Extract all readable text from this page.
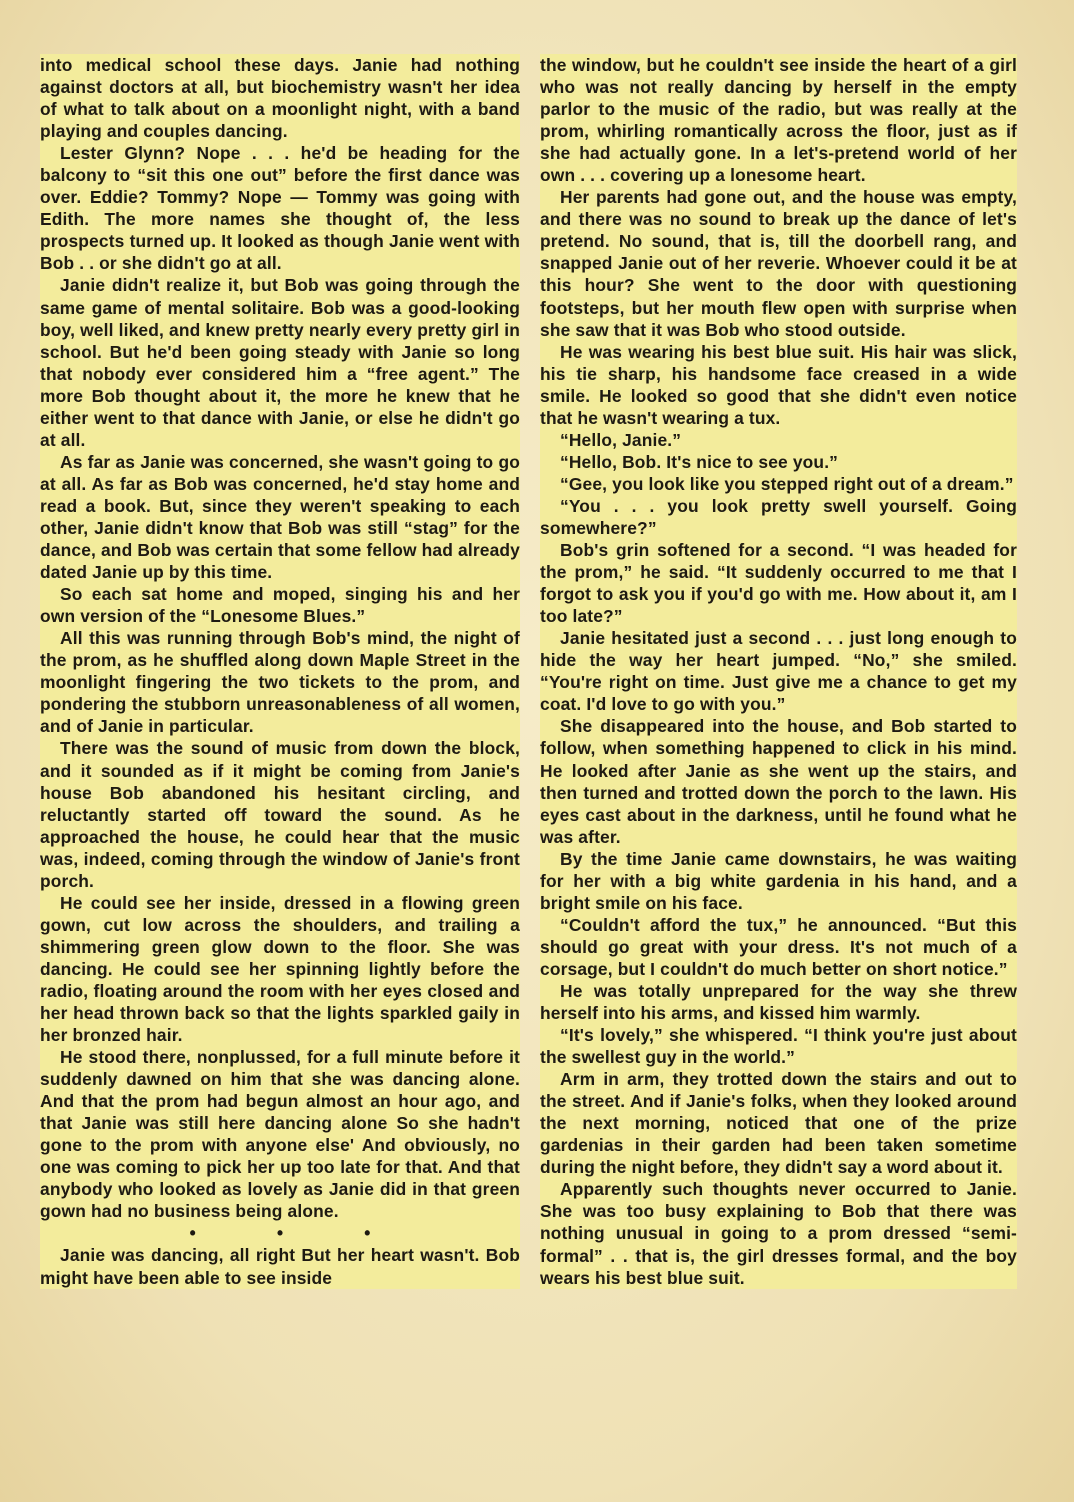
into medical school these days. Janie had nothing against doctors at all, but biochemistry wasn't her idea of what to talk about on a moonlight night, with a band playing and couples dancing.

Lester Glynn? Nope . . . he'd be heading for the balcony to “sit this one out” before the first dance was over. Eddie? Tommy? Nope — Tommy was going with Edith. The more names she thought of, the less prospects turned up. It looked as though Janie went with Bob . . or she didn't go at all.

Janie didn't realize it, but Bob was going through the same game of mental solitaire. Bob was a good-looking boy, well liked, and knew pretty nearly every pretty girl in school. But he'd been going steady with Janie so long that nobody ever considered him a “free agent.” The more Bob thought about it, the more he knew that he either went to that dance with Janie, or else he didn't go at all.

As far as Janie was concerned, she wasn't going to go at all. As far as Bob was concerned, he'd stay home and read a book. But, since they weren't speaking to each other, Janie didn't know that Bob was still “stag” for the dance, and Bob was certain that some fellow had already dated Janie up by this time.

So each sat home and moped, singing his and her own version of the “Lonesome Blues.”

All this was running through Bob's mind, the night of the prom, as he shuffled along down Maple Street in the moonlight fingering the two tickets to the prom, and pondering the stubborn unreasonableness of all women, and of Janie in particular.

There was the sound of music from down the block, and it sounded as if it might be coming from Janie's house Bob abandoned his hesitant circling, and reluctantly started off toward the sound. As he approached the house, he could hear that the music was, indeed, coming through the window of Janie's front porch.

He could see her inside, dressed in a flowing green gown, cut low across the shoulders, and trailing a shimmering green glow down to the floor. She was dancing. He could see her spinning lightly before the radio, floating around the room with her eyes closed and her head thrown back so that the lights sparkled gaily in her bronzed hair.

He stood there, nonplussed, for a full minute before it suddenly dawned on him that she was dancing alone. And that the prom had begun almost an hour ago, and that Janie was still here dancing alone So she hadn't gone to the prom with anyone else' And obviously, no one was coming to pick her up too late for that. And that anybody who looked as lovely as Janie did in that green gown had no business being alone.

• • •

Janie was dancing, all right But her heart wasn't. Bob might have been able to see inside

the window, but he couldn't see inside the heart of a girl who was not really dancing by herself in the empty parlor to the music of the radio, but was really at the prom, whirling romantically across the floor, just as if she had actually gone. In a let's-pretend world of her own . . . covering up a lonesome heart.

Her parents had gone out, and the house was empty, and there was no sound to break up the dance of let's pretend. No sound, that is, till the doorbell rang, and snapped Janie out of her reverie. Whoever could it be at this hour? She went to the door with questioning footsteps, but her mouth flew open with surprise when she saw that it was Bob who stood outside.

He was wearing his best blue suit. His hair was slick, his tie sharp, his handsome face creased in a wide smile. He looked so good that she didn't even notice that he wasn't wearing a tux.

“Hello, Janie.”

“Hello, Bob. It's nice to see you.”

“Gee, you look like you stepped right out of a dream.”

“You . . . you look pretty swell yourself. Going somewhere?”

Bob's grin softened for a second. “I was headed for the prom,” he said. “It suddenly occurred to me that I forgot to ask you if you'd go with me. How about it, am I too late?”

Janie hesitated just a second . . . just long enough to hide the way her heart jumped. “No,” she smiled. “You're right on time. Just give me a chance to get my coat. I'd love to go with you.”

She disappeared into the house, and Bob started to follow, when something happened to click in his mind. He looked after Janie as she went up the stairs, and then turned and trotted down the porch to the lawn. His eyes cast about in the darkness, until he found what he was after.

By the time Janie came downstairs, he was waiting for her with a big white gardenia in his hand, and a bright smile on his face.

“Couldn't afford the tux,” he announced. “But this should go great with your dress. It's not much of a corsage, but I couldn't do much better on short notice.”

He was totally unprepared for the way she threw herself into his arms, and kissed him warmly.

“It's lovely,” she whispered. “I think you're just about the swellest guy in the world.”

Arm in arm, they trotted down the stairs and out to the street. And if Janie's folks, when they looked around the next morning, noticed that one of the prize gardenias in their garden had been taken sometime during the night before, they didn't say a word about it.

Apparently such thoughts never occurred to Janie. She was too busy explaining to Bob that there was nothing unusual in going to a prom dressed “semi-formal” . . that is, the girl dresses formal, and the boy wears his best blue suit.
